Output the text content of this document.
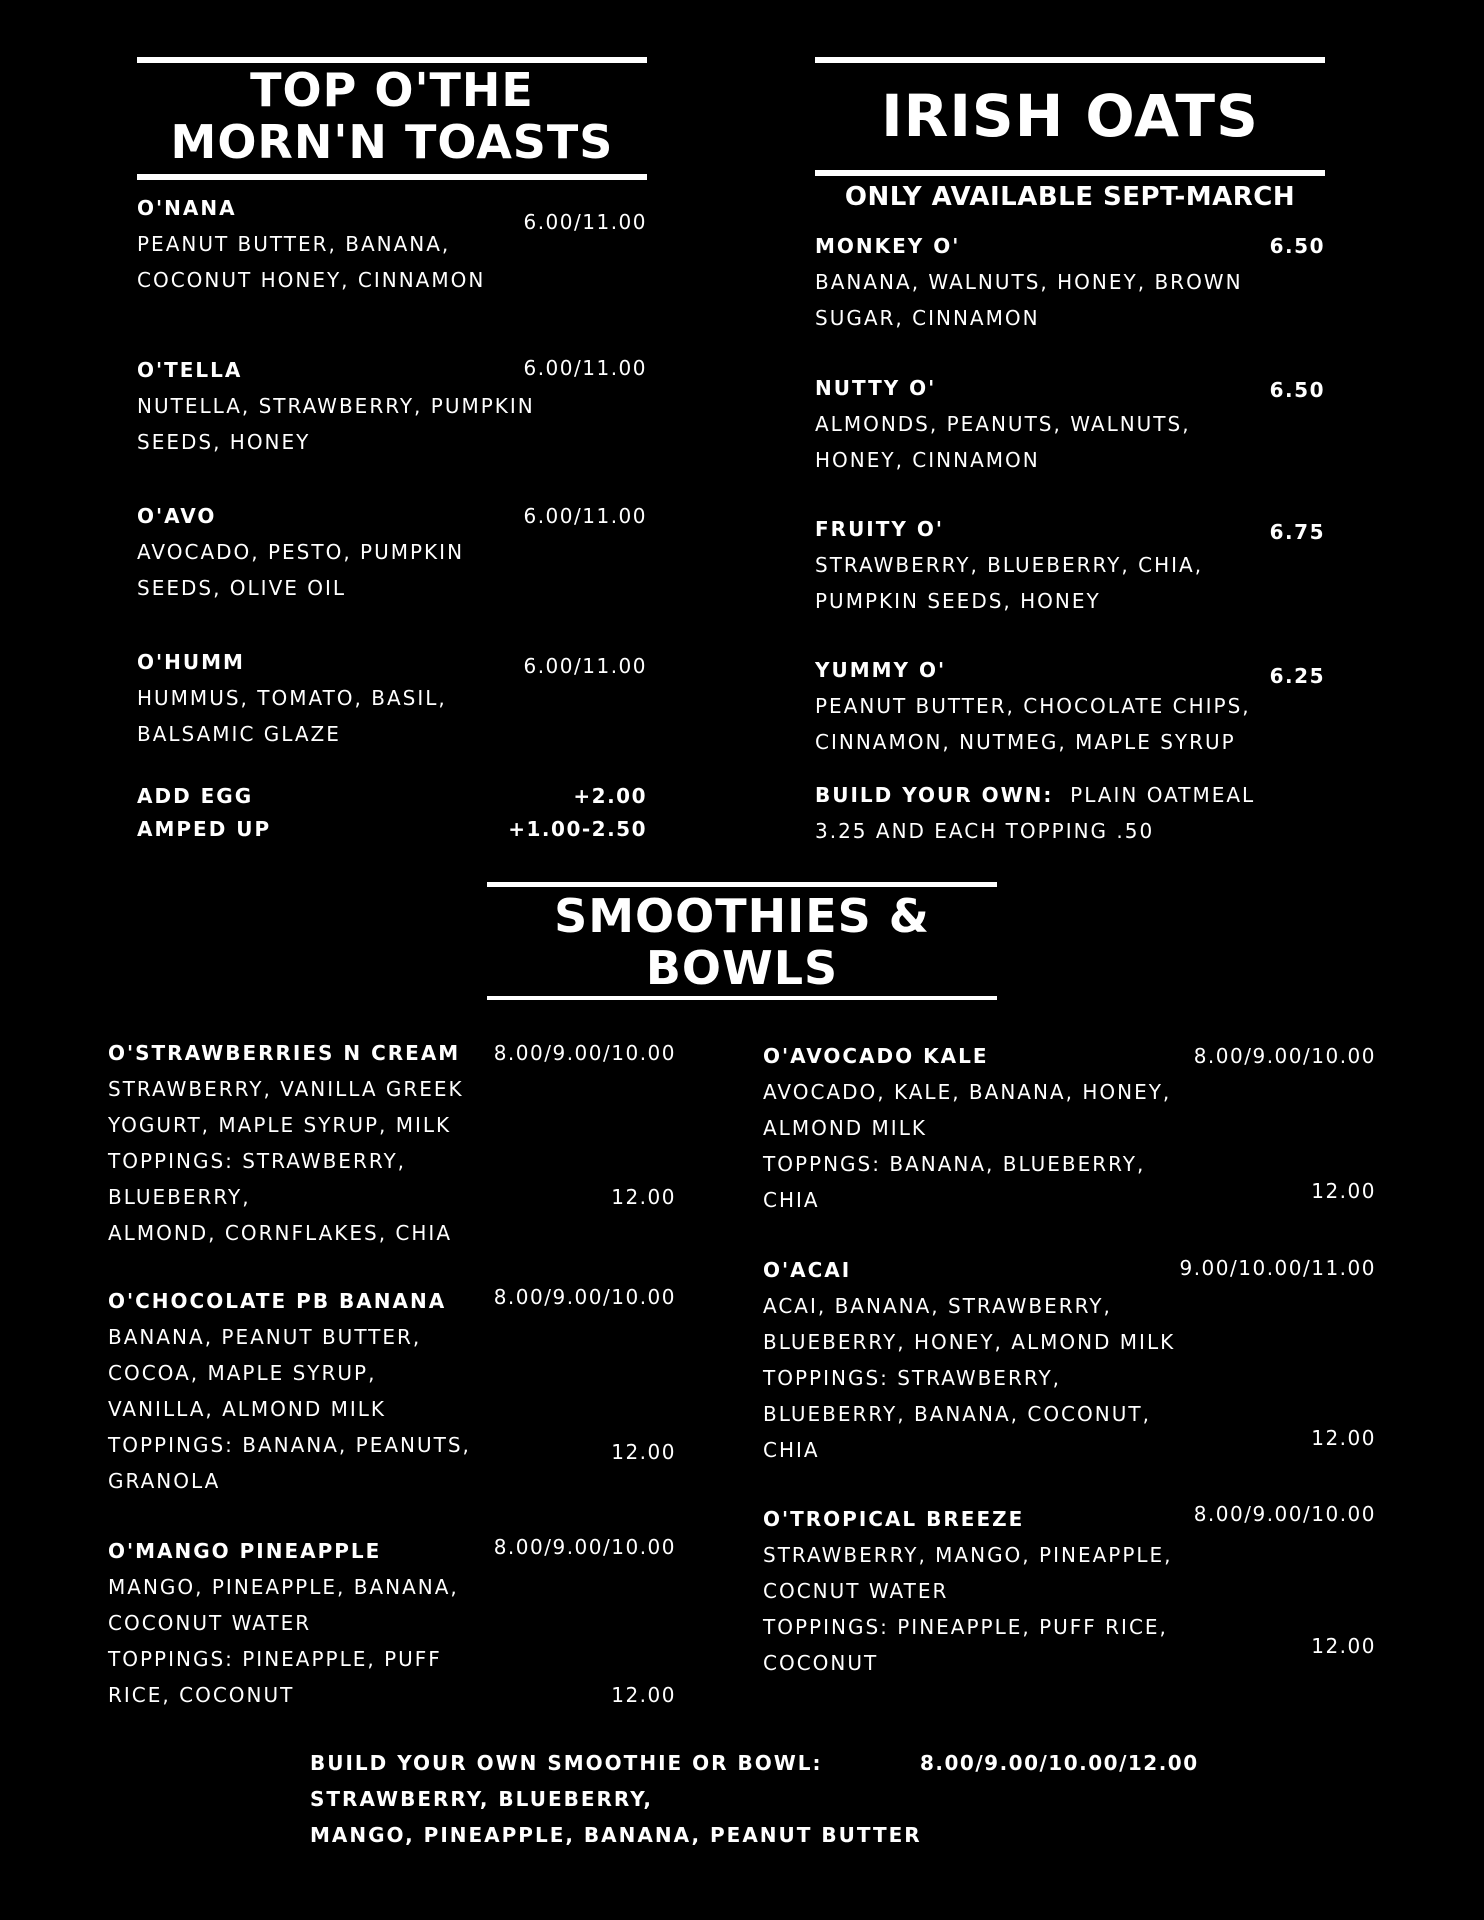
TOP O'THE
MORN'N TOASTS
O'NANA
PEANUT BUTTER, BANANA,
COCONUT HONEY, CINNAMON
6.00/11.00
O'TELLA
NUTELLA, STRAWBERRY, PUMPKIN
SEEDS, HONEY
6.00/11.00
O'AVO
AVOCADO, PESTO, PUMPKIN
SEEDS, OLIVE OIL
6.00/11.00
O'HUMM
HUMMUS, TOMATO, BASIL,
BALSAMIC GLAZE
6.00/11.00
ADD EGG	+2.00
AMPED UP	+1.00-2.50
IRISH OATS
ONLY AVAILABLE SEPT-MARCH
MONKEY O'
BANANA, WALNUTS, HONEY, BROWN
SUGAR, CINNAMON
6.50
NUTTY O'
ALMONDS, PEANUTS, WALNUTS,
HONEY, CINNAMON
6.50
FRUITY O'
STRAWBERRY, BLUEBERRY, CHIA,
PUMPKIN SEEDS, HONEY
6.75
YUMMY O'
PEANUT BUTTER, CHOCOLATE CHIPS,
CINNAMON, NUTMEG, MAPLE SYRUP
6.25
BUILD YOUR OWN: PLAIN OATMEAL
3.25 AND EACH TOPPING .50
SMOOTHIES &
BOWLS
O'STRAWBERRIES N CREAM
STRAWBERRY, VANILLA GREEK
YOGURT, MAPLE SYRUP, MILK
TOPPINGS: STRAWBERRY,
BLUEBERRY,
ALMOND, CORNFLAKES, CHIA
8.00/9.00/10.00
12.00
O'CHOCOLATE PB BANANA
BANANA, PEANUT BUTTER,
COCOA, MAPLE SYRUP,
VANILLA, ALMOND MILK
TOPPINGS: BANANA, PEANUTS,
GRANOLA
8.00/9.00/10.00
12.00
O'MANGO PINEAPPLE
MANGO, PINEAPPLE, BANANA,
COCONUT WATER
TOPPINGS: PINEAPPLE, PUFF
RICE, COCONUT
8.00/9.00/10.00
12.00
O'AVOCADO KALE
AVOCADO, KALE, BANANA, HONEY,
ALMOND MILK
TOPPNGS: BANANA, BLUEBERRY,
CHIA
8.00/9.00/10.00
12.00
O'ACAI
ACAI, BANANA, STRAWBERRY,
BLUEBERRY, HONEY, ALMOND MILK
TOPPINGS: STRAWBERRY,
BLUEBERRY, BANANA, COCONUT,
CHIA
9.00/10.00/11.00
12.00
O'TROPICAL BREEZE
STRAWBERRY, MANGO, PINEAPPLE,
COCNUT WATER
TOPPINGS: PINEAPPLE, PUFF RICE,
COCONUT
8.00/9.00/10.00
12.00
BUILD YOUR OWN SMOOTHIE OR BOWL:
STRAWBERRY, BLUEBERRY,
MANGO, PINEAPPLE, BANANA, PEANUT BUTTER
8.00/9.00/10.00/12.00
